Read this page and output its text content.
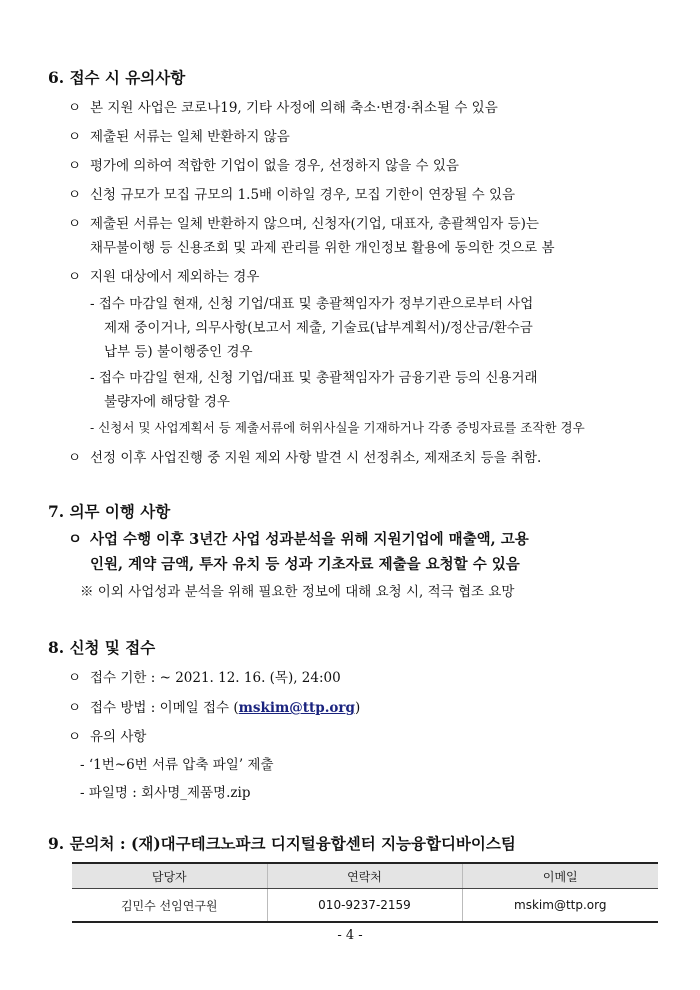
6. 접수 시 유의사항
ㅇ 본 지원 사업은 코로나19, 기타 사정에 의해 축소·변경·취소될 수 있음
ㅇ 제출된 서류는 일체 반환하지 않음
ㅇ 평가에 의하여 적합한 기업이 없을 경우, 선정하지 않을 수 있음
ㅇ 신청 규모가 모집 규모의 1.5배 이하일 경우, 모집 기한이 연장될 수 있음
ㅇ 제출된 서류는 일체 반환하지 않으며, 신청자(기업, 대표자, 총괄책임자 등)는
채무불이행 등 신용조회 및 과제 관리를 위한 개인정보 활용에 동의한 것으로 봄
ㅇ 지원 대상에서 제외하는 경우
- 접수 마감일 현재, 신청 기업/대표 및 총괄책임자가 정부기관으로부터 사업
제재 중이거나, 의무사항(보고서 제출, 기술료(납부계획서)/정산금/환수금
납부 등) 불이행중인 경우
- 접수 마감일 현재, 신청 기업/대표 및 총괄책임자가 금융기관 등의 신용거래
불량자에 해당할 경우
- 신청서 및 사업계획서 등 제출서류에 허위사실을 기재하거나 각종 증빙자료를 조작한 경우
ㅇ 선정 이후 사업진행 중 지원 제외 사항 발견 시 선정취소, 제재조치 등을 취함.
7. 의무 이행 사항
ㅇ 사업 수행 이후 3년간 사업 성과분석을 위해 지원기업에 매출액, 고용
인원, 계약 금액, 투자 유치 등 성과 기초자료 제출을 요청할 수 있음
※ 이외 사업성과 분석을 위해 필요한 정보에 대해 요청 시, 적극 협조 요망
8. 신청 및 접수
ㅇ 접수 기한 : ~ 2021. 12. 16. (목), 24:00
ㅇ 접수 방법 : 이메일 접수 (mskim@ttp.org)
ㅇ 유의 사항
- ‘1번~6번 서류 압축 파일’ 제출
- 파일명 : 회사명_제품명.zip
9. 문의처 : (재)대구테크노파크 디지털융합센터 지능융합디바이스팀
담당자	연락처	이메일
김민수 선임연구원	010-9237-2159	mskim@ttp.org
- 4 -
